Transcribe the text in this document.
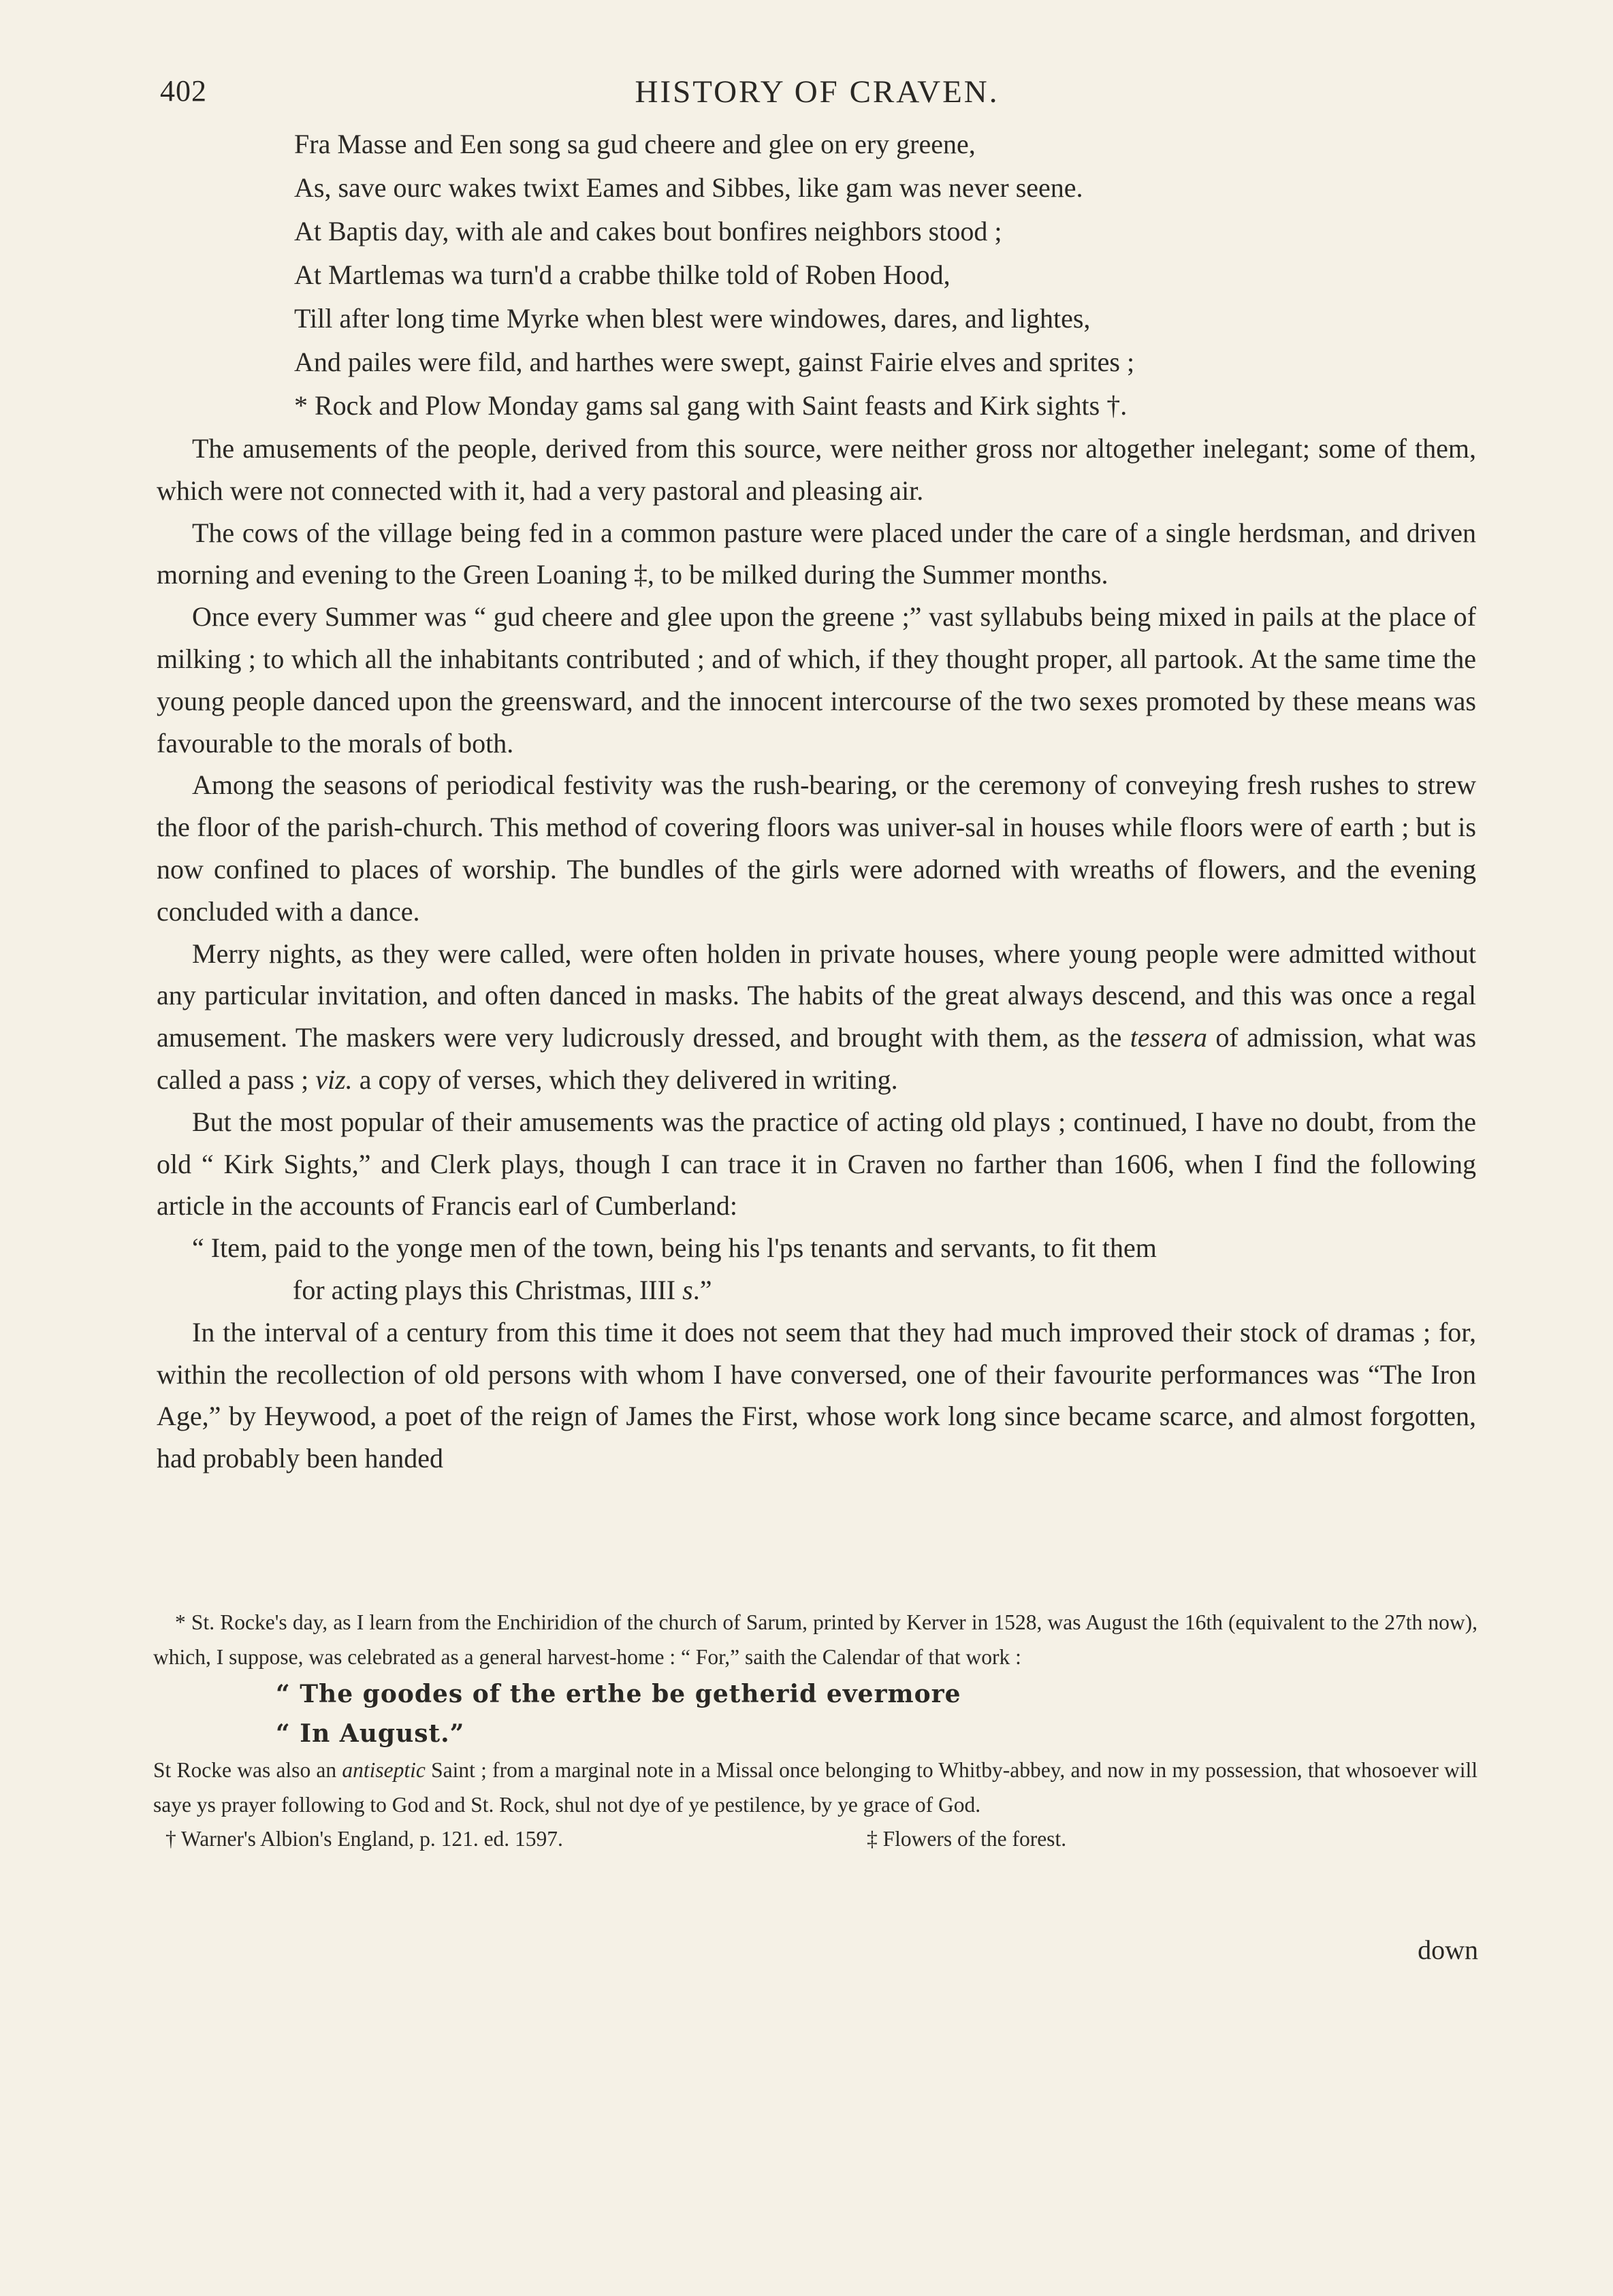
402	HISTORY OF CRAVEN.
Fra Masse and Een song sa gud cheere and glee on ery greene,
As, save ourc wakes twixt Eames and Sibbes, like gam was never seene.
At Baptis day, with ale and cakes bout bonfires neighbors stood ;
At Martlemas wa turn'd a crabbe thilke told of Roben Hood,
Till after long time Myrke when blest were windowes, dares, and lightes,
And pailes were fild, and harthes were swept, gainst Fairie elves and sprites ;
* Rock and Plow Monday gams sal gang with Saint feasts and Kirk sights †.

The amusements of the people, derived from this source, were neither gross nor altogether inelegant; some of them, which were not connected with it, had a very pastoral and pleasing air.

The cows of the village being fed in a common pasture were placed under the care of a single herdsman, and driven morning and evening to the Green Loaning ‡, to be milked during the Summer months.

Once every Summer was “ gud cheere and glee upon the greene ;” vast syllabubs being mixed in pails at the place of milking ; to which all the inhabitants contributed ; and of which, if they thought proper, all partook. At the same time the young people danced upon the greensward, and the innocent intercourse of the two sexes promoted by these means was favourable to the morals of both.

Among the seasons of periodical festivity was the rush-bearing, or the ceremony of conveying fresh rushes to strew the floor of the parish-church. This method of covering floors was univer-sal in houses while floors were of earth ; but is now confined to places of worship. The bundles of the girls were adorned with wreaths of flowers, and the evening concluded with a dance.

Merry nights, as they were called, were often holden in private houses, where young people were admitted without any particular invitation, and often danced in masks. The habits of the great always descend, and this was once a regal amusement. The maskers were very ludicrously dressed, and brought with them, as the tessera of admission, what was called a pass ; viz. a copy of verses, which they delivered in writing.

But the most popular of their amusements was the practice of acting old plays ; continued, I have no doubt, from the old “ Kirk Sights,” and Clerk plays, though I can trace it in Craven no farther than 1606, when I find the following article in the accounts of Francis earl of Cumberland:

“ Item, paid to the yonge men of the town, being his l'ps tenants and servants, to fit them
for acting plays this Christmas, IIII s.”

In the interval of a century from this time it does not seem that they had much improved their stock of dramas ; for, within the recollection of old persons with whom I have conversed, one of their favourite performances was “The Iron Age,” by Heywood, a poet of the reign of James the First, whose work long since became scarce, and almost forgotten, had probably been handed

* St. Rocke's day, as I learn from the Enchiridion of the church of Sarum, printed by Kerver in 1528, was August the 16th (equivalent to the 27th now), which, I suppose, was celebrated as a general harvest-home : “ For,” saith the Calendar of that work :

“ The goodes of the erthe be getherid evermore
“ In August.”

St Rocke was also an antiseptic Saint ; from a marginal note in a Missal once belonging to Whitby-abbey, and now in my possession, that whosoever will saye ys prayer following to God and St. Rock, shul not dye of ye pestilence, by ye grace of God.

† Warner's Albion's England, p. 121. ed. 1597.	‡ Flowers of the forest.
down
